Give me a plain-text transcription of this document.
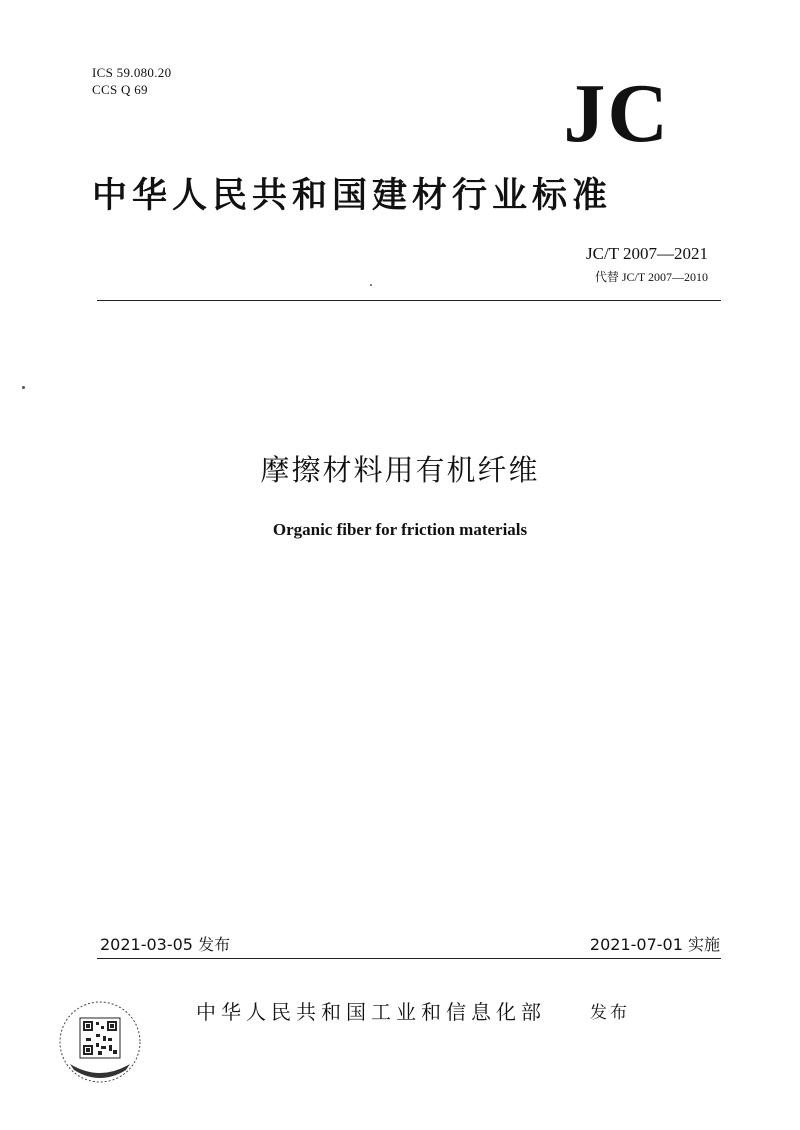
ICS 59.080.20
CCS Q 69	JC
中华人民共和国建材行业标准
JC/T 2007—2021
代替 JC/T 2007—2010
摩擦材料用有机纤维
Organic fiber for friction materials
2021-03-05 发布	2021-07-01 实施
中华人民共和国工业和信息化部	发布
